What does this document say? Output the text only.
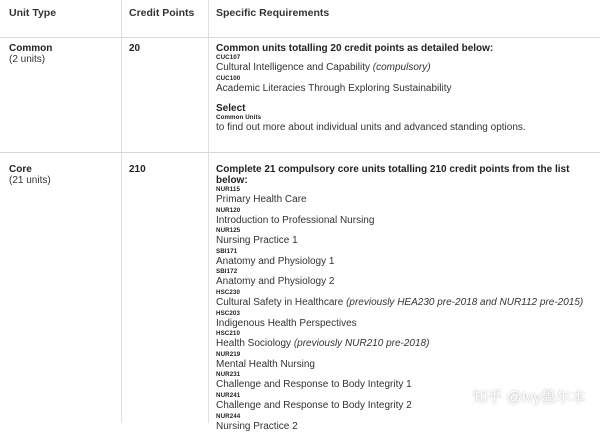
Unit Type	Credit Points Specific Requirements
Common
(2 units)
20	Common units totalling 20 credit points as detailed below:
CUC107
Cultural Intelligence and Capability (compulsory)
CUC100
Academic Literacies Through Exploring Sustainability
Select
Common Units
to find out more about individual units and advanced standing options.
Core
(21 units)
210	Complete 21 compulsory core units totalling 210 credit points from the list below:
NUR115
Primary Health Care
NUR120
Introduction to Professional Nursing
NUR125
Nursing Practice 1
SBI171
Anatomy and Physiology 1
SBI172
Anatomy and Physiology 2
HSC230
Cultural Safety in Healthcare (previously HEA230 pre-2018 and NUR112 pre-2015)
HSC203
Indigenous Health Perspectives
HSC210
Health Sociology (previously NUR210 pre-2018)
NUR219
Mental Health Nursing
NUR231
Challenge and Response to Body Integrity 1
NUR241
Challenge and Response to Body Integrity 2
NUR244
Nursing Practice 2
知乎 @Ivy墨尔本
